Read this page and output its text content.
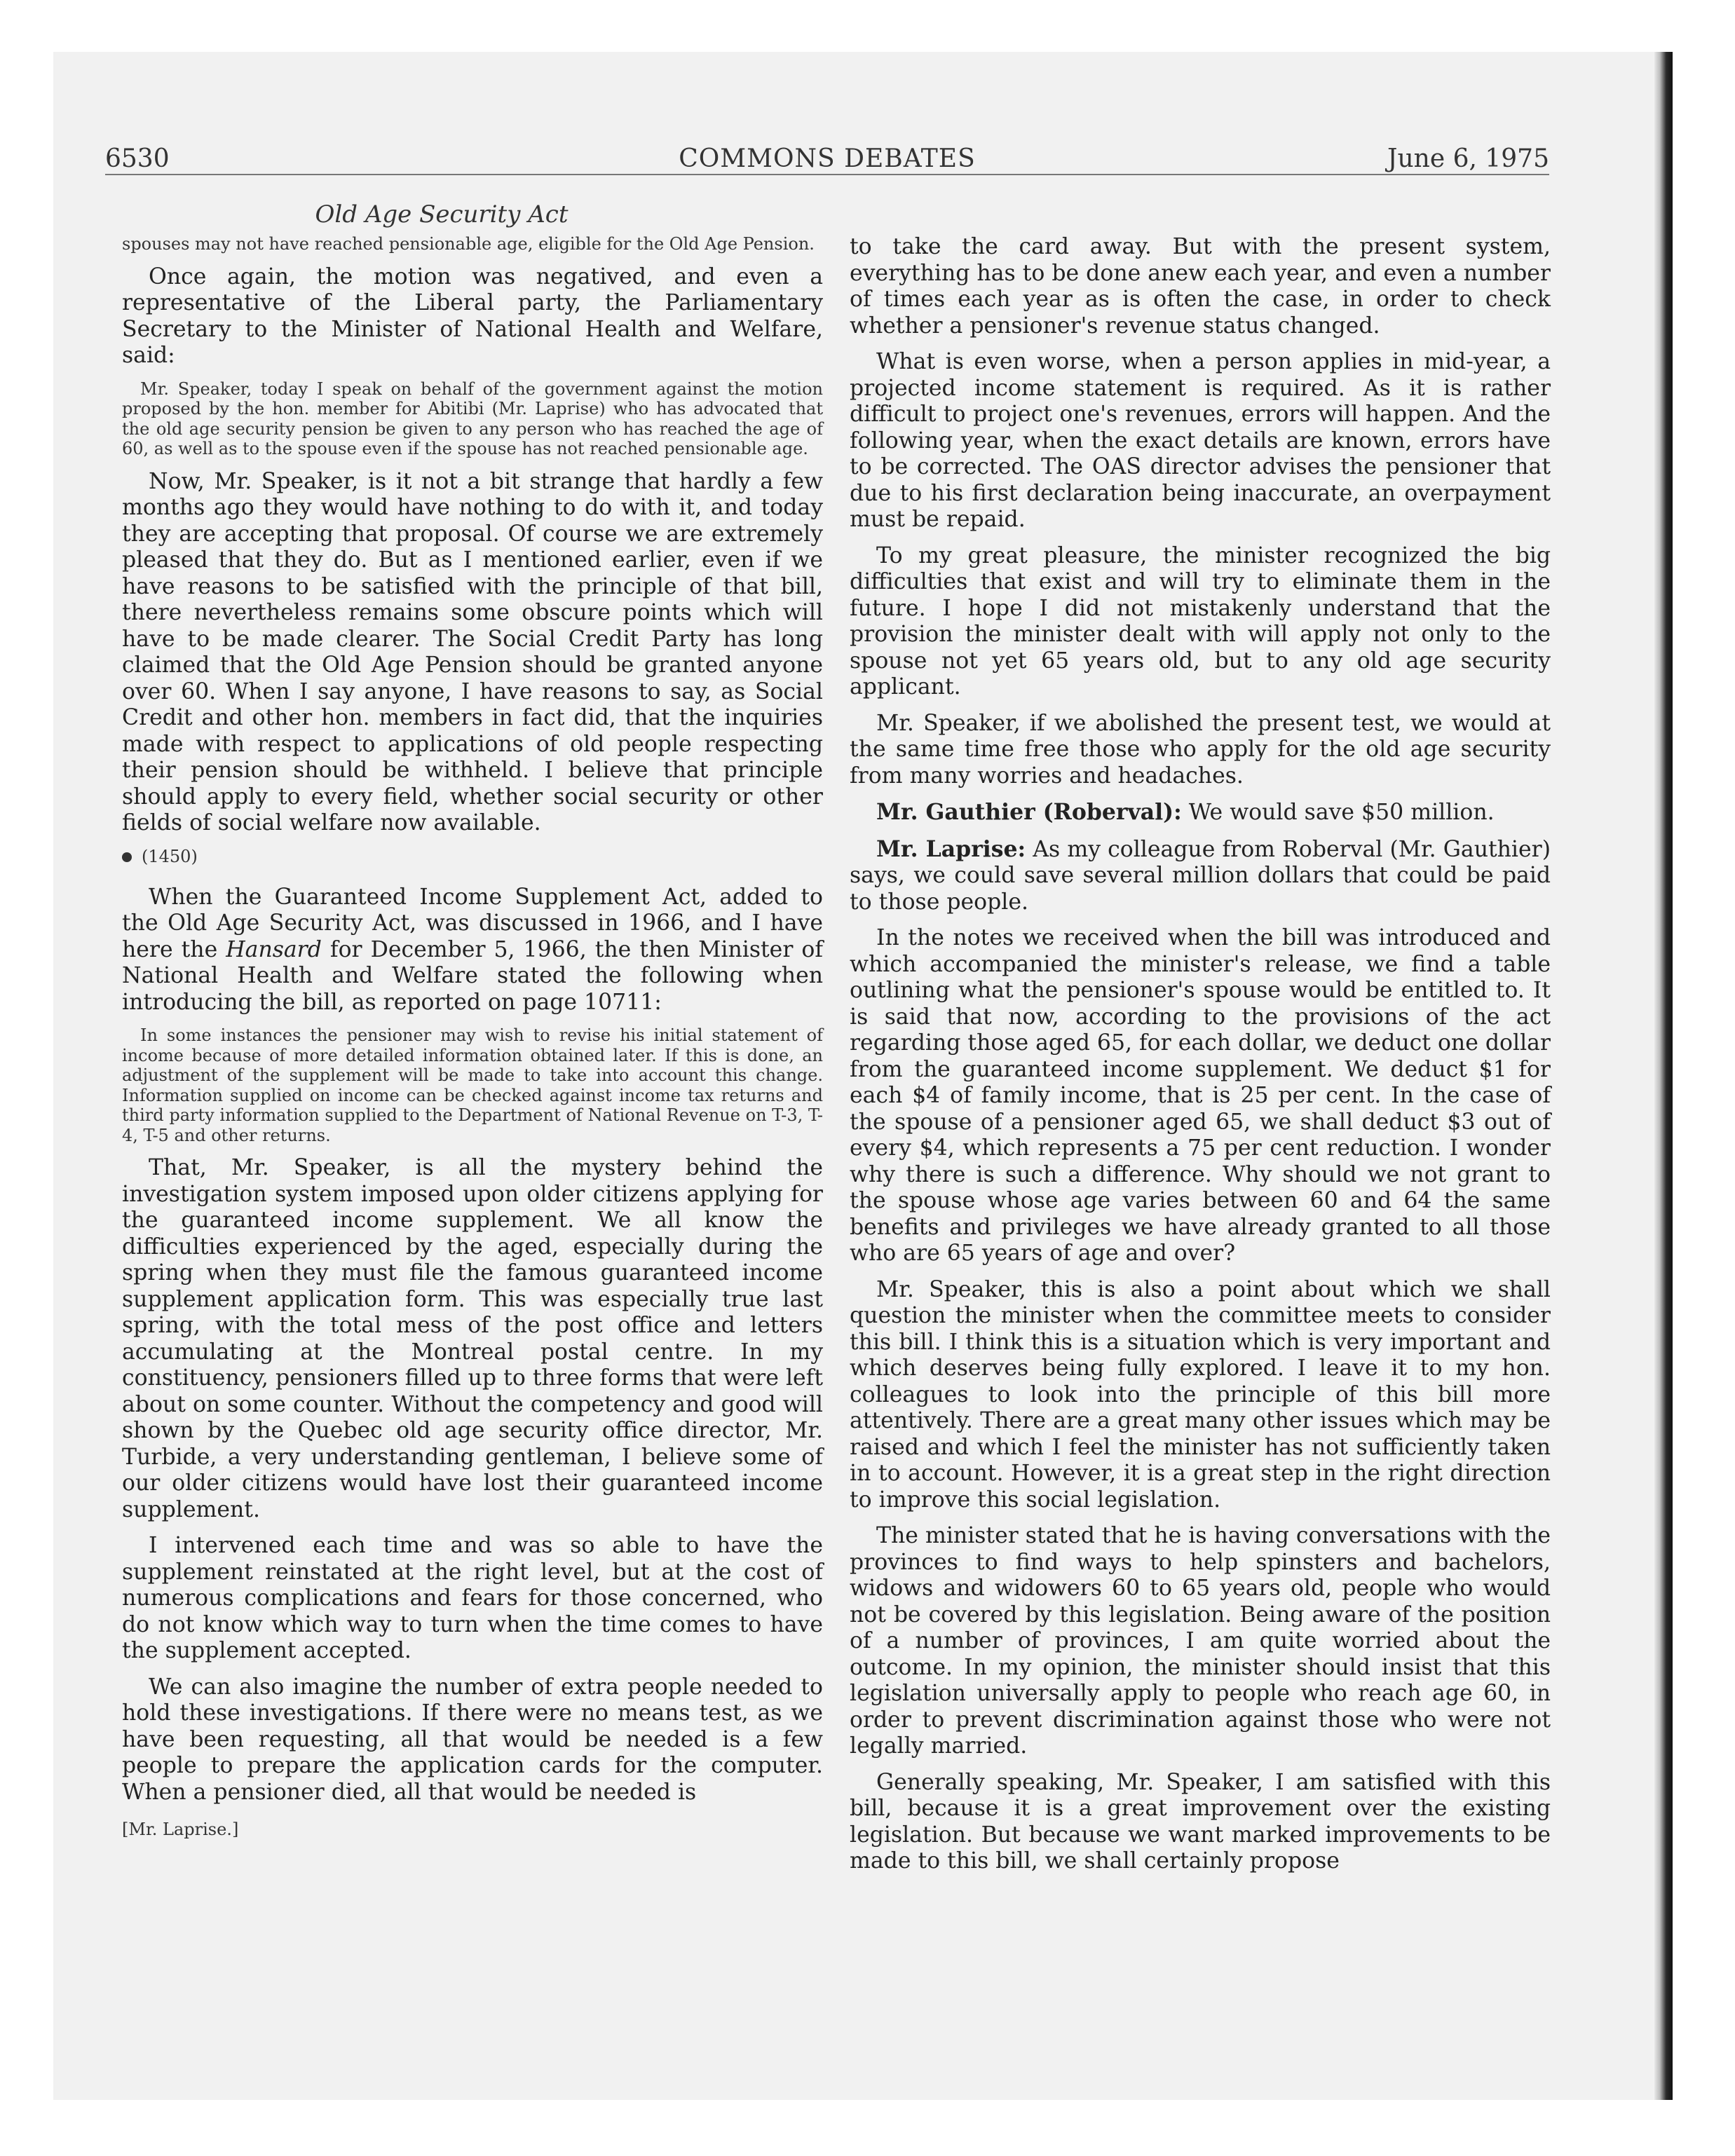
6530	COMMONS DEBATES	June 6, 1975
Old Age Security Act

spouses may not have reached pensionable age, eligible for the Old Age Pension.

Once again, the motion was negatived, and even a representative of the Liberal party, the Parliamentary Secretary to the Minister of National Health and Welfare, said:

Mr. Speaker, today I speak on behalf of the government against the motion proposed by the hon. member for Abitibi (Mr. Laprise) who has advocated that the old age security pension be given to any person who has reached the age of 60, as well as to the spouse even if the spouse has not reached pensionable age.

Now, Mr. Speaker, is it not a bit strange that hardly a few months ago they would have nothing to do with it, and today they are accepting that proposal. Of course we are extremely pleased that they do. But as I mentioned earlier, even if we have reasons to be satisfied with the principle of that bill, there nevertheless remains some obscure points which will have to be made clearer. The Social Credit Party has long claimed that the Old Age Pension should be granted anyone over 60. When I say anyone, I have reasons to say, as Social Credit and other hon. members in fact did, that the inquiries made with respect to applications of old people respecting their pension should be withheld. I believe that principle should apply to every field, whether social security or other fields of social welfare now available.

(1450)

When the Guaranteed Income Supplement Act, added to the Old Age Security Act, was discussed in 1966, and I have here the Hansard for December 5, 1966, the then Minister of National Health and Welfare stated the following when introducing the bill, as reported on page 10711:

In some instances the pensioner may wish to revise his initial statement of income because of more detailed information obtained later. If this is done, an adjustment of the supplement will be made to take into account this change. Information supplied on income can be checked against income tax returns and third party information supplied to the Department of National Revenue on T-3, T-4, T-5 and other returns.

That, Mr. Speaker, is all the mystery behind the investigation system imposed upon older citizens applying for the guaranteed income supplement. We all know the difficulties experienced by the aged, especially during the spring when they must file the famous guaranteed income supplement application form. This was especially true last spring, with the total mess of the post office and letters accumulating at the Montreal postal centre. In my constituency, pensioners filled up to three forms that were left about on some counter. Without the competency and good will shown by the Quebec old age security office director, Mr. Turbide, a very understanding gentleman, I believe some of our older citizens would have lost their guaranteed income supplement.

I intervened each time and was so able to have the supplement reinstated at the right level, but at the cost of numerous complications and fears for those concerned, who do not know which way to turn when the time comes to have the supplement accepted.

We can also imagine the number of extra people needed to hold these investigations. If there were no means test, as we have been requesting, all that would be needed is a few people to prepare the application cards for the computer. When a pensioner died, all that would be needed is

[Mr. Laprise.]

to take the card away. But with the present system, everything has to be done anew each year, and even a number of times each year as is often the case, in order to check whether a pensioner's revenue status changed.

What is even worse, when a person applies in mid-year, a projected income statement is required. As it is rather difficult to project one's revenues, errors will happen. And the following year, when the exact details are known, errors have to be corrected. The OAS director advises the pensioner that due to his first declaration being inaccurate, an overpayment must be repaid.

To my great pleasure, the minister recognized the big difficulties that exist and will try to eliminate them in the future. I hope I did not mistakenly understand that the provision the minister dealt with will apply not only to the spouse not yet 65 years old, but to any old age security applicant.

Mr. Speaker, if we abolished the present test, we would at the same time free those who apply for the old age security from many worries and headaches.

Mr. Gauthier (Roberval): We would save $50 million.

Mr. Laprise: As my colleague from Roberval (Mr. Gauthier) says, we could save several million dollars that could be paid to those people.

In the notes we received when the bill was introduced and which accompanied the minister's release, we find a table outlining what the pensioner's spouse would be entitled to. It is said that now, according to the provisions of the act regarding those aged 65, for each dollar, we deduct one dollar from the guaranteed income supplement. We deduct $1 for each $4 of family income, that is 25 per cent. In the case of the spouse of a pensioner aged 65, we shall deduct $3 out of every $4, which represents a 75 per cent reduction. I wonder why there is such a difference. Why should we not grant to the spouse whose age varies between 60 and 64 the same benefits and privileges we have already granted to all those who are 65 years of age and over?

Mr. Speaker, this is also a point about which we shall question the minister when the committee meets to consider this bill. I think this is a situation which is very important and which deserves being fully explored. I leave it to my hon. colleagues to look into the principle of this bill more attentively. There are a great many other issues which may be raised and which I feel the minister has not sufficiently taken in to account. However, it is a great step in the right direction to improve this social legislation.

The minister stated that he is having conversations with the provinces to find ways to help spinsters and bachelors, widows and widowers 60 to 65 years old, people who would not be covered by this legislation. Being aware of the position of a number of provinces, I am quite worried about the outcome. In my opinion, the minister should insist that this legislation universally apply to people who reach age 60, in order to prevent discrimination against those who were not legally married.

Generally speaking, Mr. Speaker, I am satisfied with this bill, because it is a great improvement over the existing legislation. But because we want marked improvements to be made to this bill, we shall certainly propose
